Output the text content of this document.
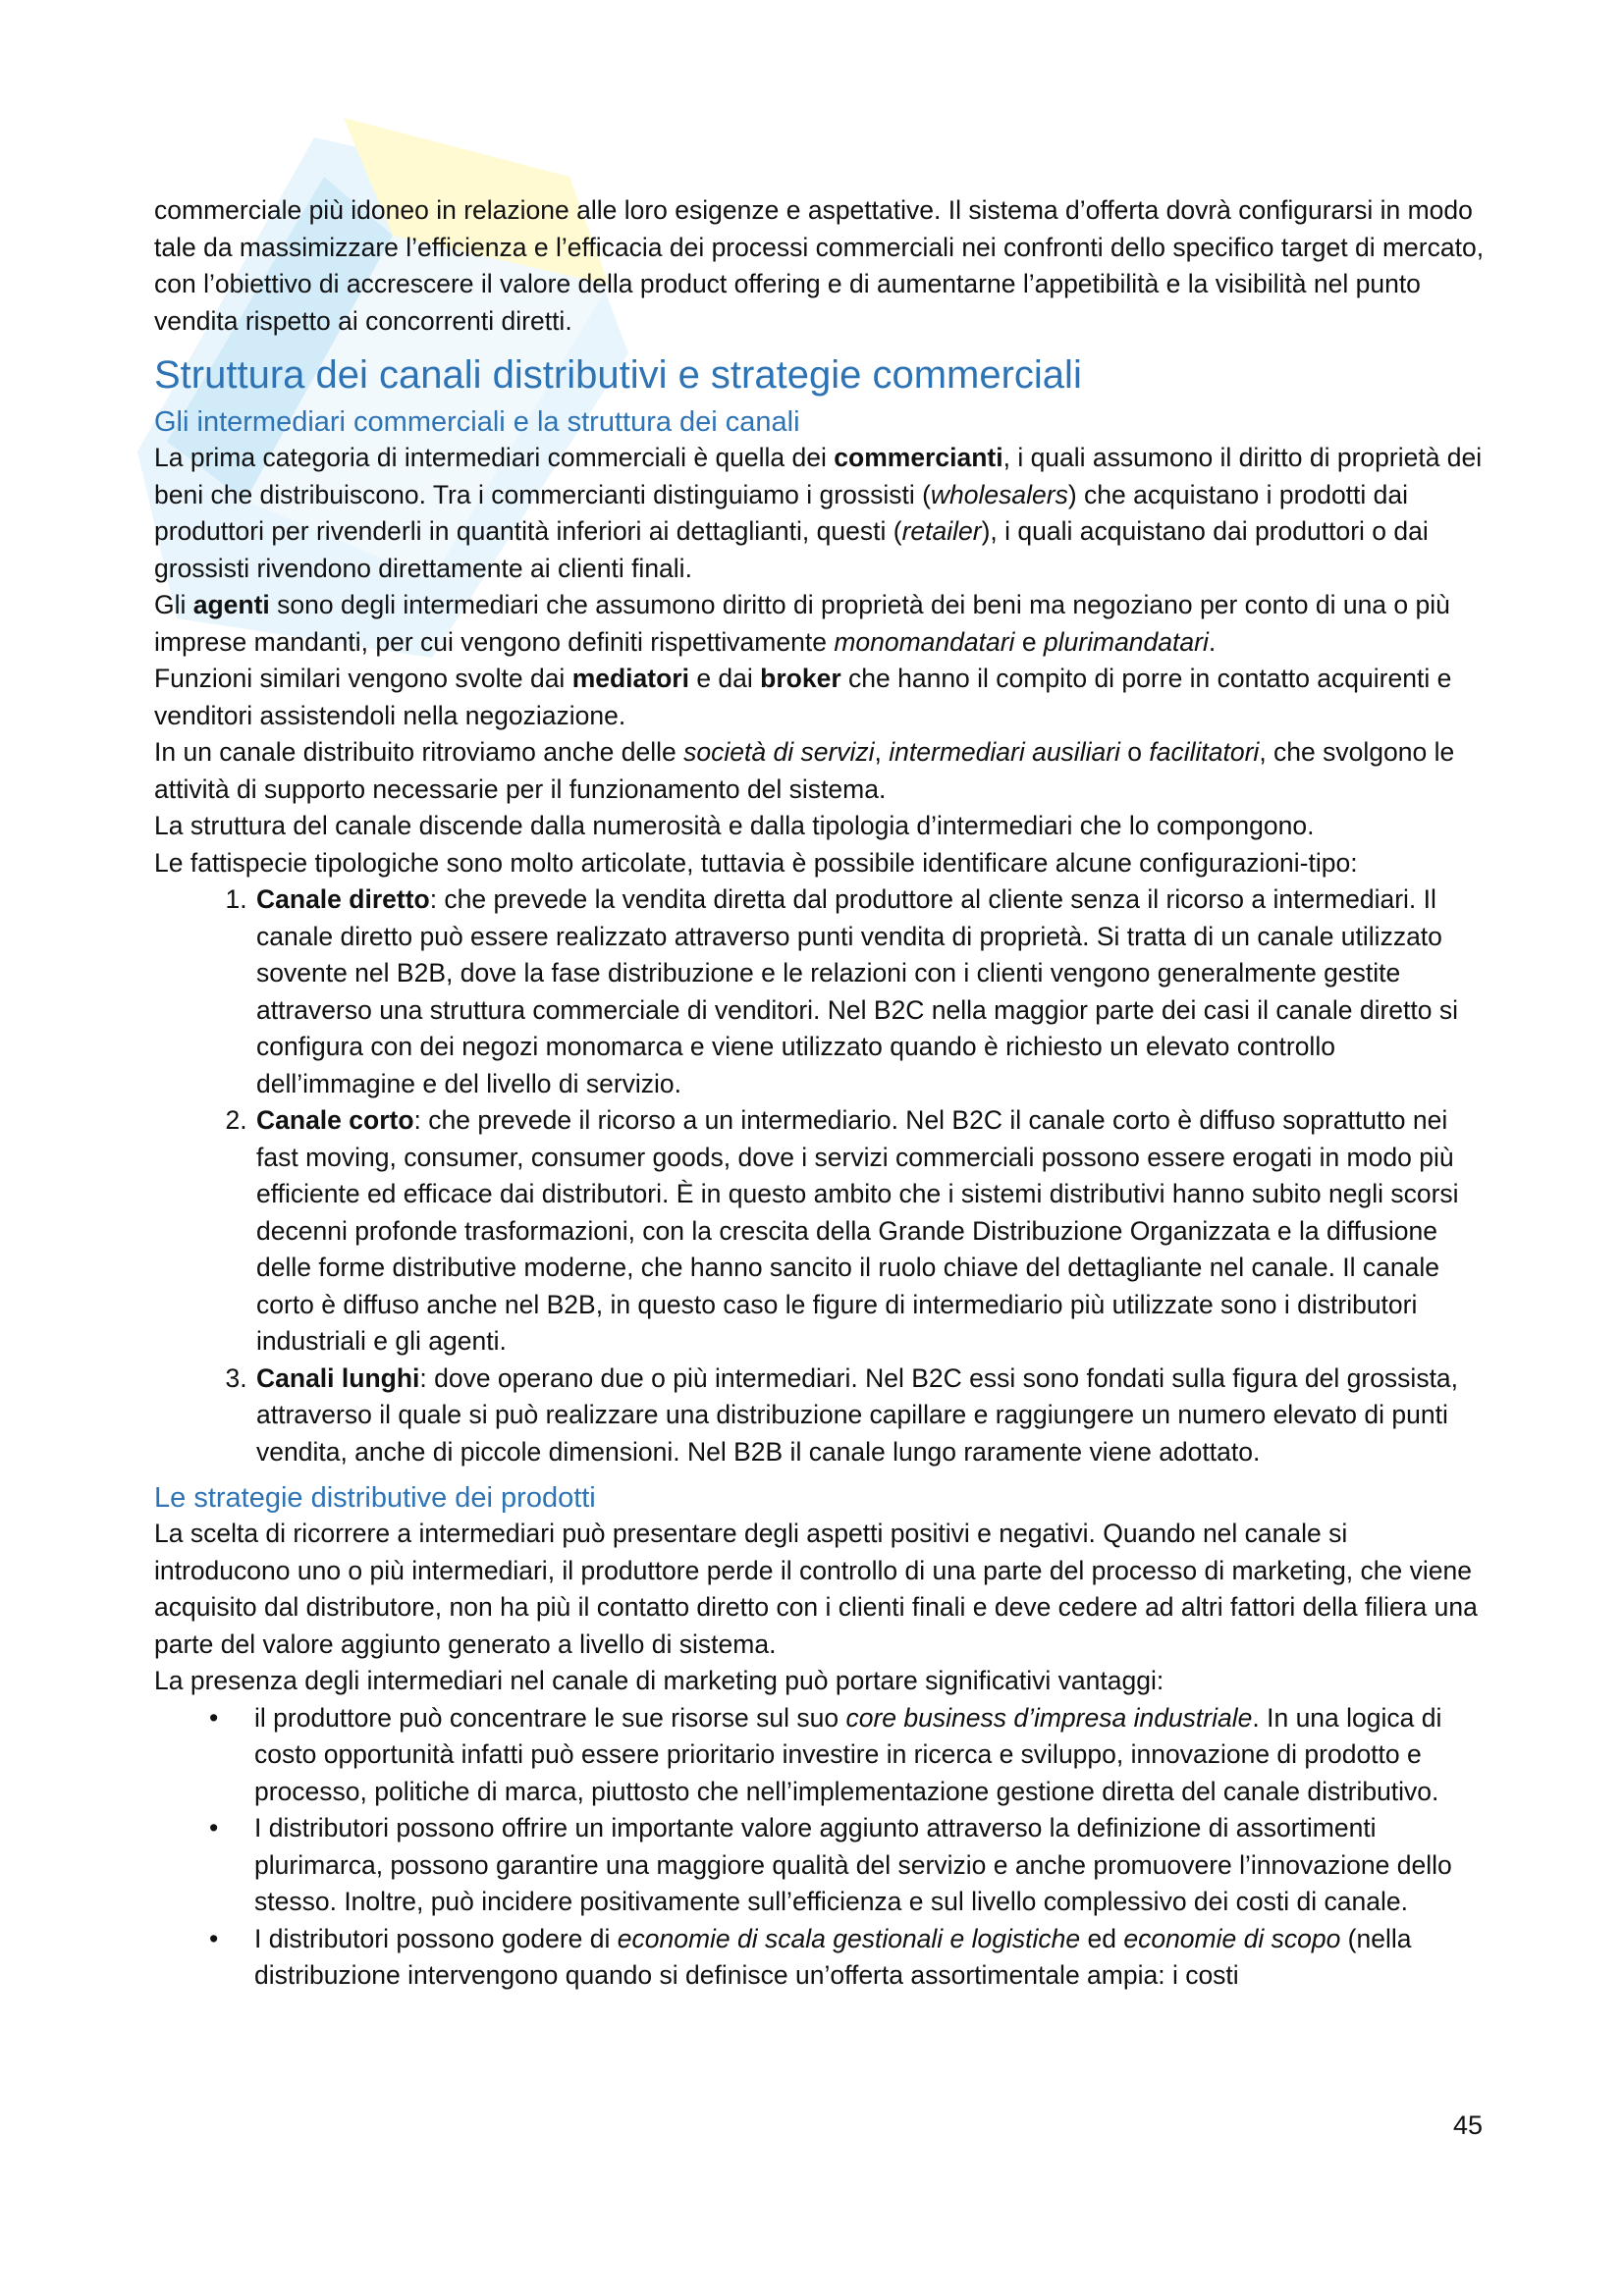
commerciale più idoneo in relazione alle loro esigenze e aspettative. Il sistema d’offerta dovrà configurarsi in modo tale da massimizzare l’efficienza e l’efficacia dei processi commerciali nei confronti dello specifico target di mercato, con l’obiettivo di accrescere il valore della product offering e di aumentarne l’appetibilità e la visibilità nel punto vendita rispetto ai concorrenti diretti.

Struttura dei canali distributivi e strategie commerciali
Gli intermediari commerciali e la struttura dei canali

La prima categoria di intermediari commerciali è quella dei commercianti, i quali assumono il diritto di proprietà dei beni che distribuiscono. Tra i commercianti distinguiamo i grossisti (wholesalers) che acquistano i prodotti dai produttori per rivenderli in quantità inferiori ai dettaglianti, questi (retailer), i quali acquistano dai produttori o dai grossisti rivendono direttamente ai clienti finali.

Gli agenti sono degli intermediari che assumono diritto di proprietà dei beni ma negoziano per conto di una o più imprese mandanti, per cui vengono definiti rispettivamente monomandatari e plurimandatari.

Funzioni similari vengono svolte dai mediatori e dai broker che hanno il compito di porre in contatto acquirenti e venditori assistendoli nella negoziazione.

In un canale distribuito ritroviamo anche delle società di servizi, intermediari ausiliari o facilitatori, che svolgono le attività di supporto necessarie per il funzionamento del sistema.

La struttura del canale discende dalla numerosità e dalla tipologia d’intermediari che lo compongono.

Le fattispecie tipologiche sono molto articolate, tuttavia è possibile identificare alcune configurazioni-tipo:

1. Canale diretto: che prevede la vendita diretta dal produttore al cliente senza il ricorso a intermediari. Il canale diretto può essere realizzato attraverso punti vendita di proprietà. Si tratta di un canale utilizzato sovente nel B2B, dove la fase distribuzione e le relazioni con i clienti vengono generalmente gestite attraverso una struttura commerciale di venditori. Nel B2C nella maggior parte dei casi il canale diretto si configura con dei negozi monomarca e viene utilizzato quando è richiesto un elevato controllo dell’immagine e del livello di servizio.
2. Canale corto: che prevede il ricorso a un intermediario. Nel B2C il canale corto è diffuso soprattutto nei fast moving, consumer, consumer goods, dove i servizi commerciali possono essere erogati in modo più efficiente ed efficace dai distributori. È in questo ambito che i sistemi distributivi hanno subito negli scorsi decenni profonde trasformazioni, con la crescita della Grande Distribuzione Organizzata e la diffusione delle forme distributive moderne, che hanno sancito il ruolo chiave del dettagliante nel canale. Il canale corto è diffuso anche nel B2B, in questo caso le figure di intermediario più utilizzate sono i distributori industriali e gli agenti.
3. Canali lunghi: dove operano due o più intermediari. Nel B2C essi sono fondati sulla figura del grossista, attraverso il quale si può realizzare una distribuzione capillare e raggiungere un numero elevato di punti vendita, anche di piccole dimensioni. Nel B2B il canale lungo raramente viene adottato.
Le strategie distributive dei prodotti

La scelta di ricorrere a intermediari può presentare degli aspetti positivi e negativi. Quando nel canale si introducono uno o più intermediari, il produttore perde il controllo di una parte del processo di marketing, che viene acquisito dal distributore, non ha più il contatto diretto con i clienti finali e deve cedere ad altri fattori della filiera una parte del valore aggiunto generato a livello di sistema.

La presenza degli intermediari nel canale di marketing può portare significativi vantaggi:

• il produttore può concentrare le sue risorse sul suo core business d’impresa industriale. In una logica di costo opportunità infatti può essere prioritario investire in ricerca e sviluppo, innovazione di prodotto e processo, politiche di marca, piuttosto che nell’implementazione gestione diretta del canale distributivo.
• I distributori possono offrire un importante valore aggiunto attraverso la definizione di assortimenti plurimarca, possono garantire una maggiore qualità del servizio e anche promuovere l’innovazione dello stesso. Inoltre, può incidere positivamente sull’efficienza e sul livello complessivo dei costi di canale.
• I distributori possono godere di economie di scala gestionali e logistiche ed economie di scopo (nella distribuzione intervengono quando si definisce un’offerta assortimentale ampia: i costi
45
